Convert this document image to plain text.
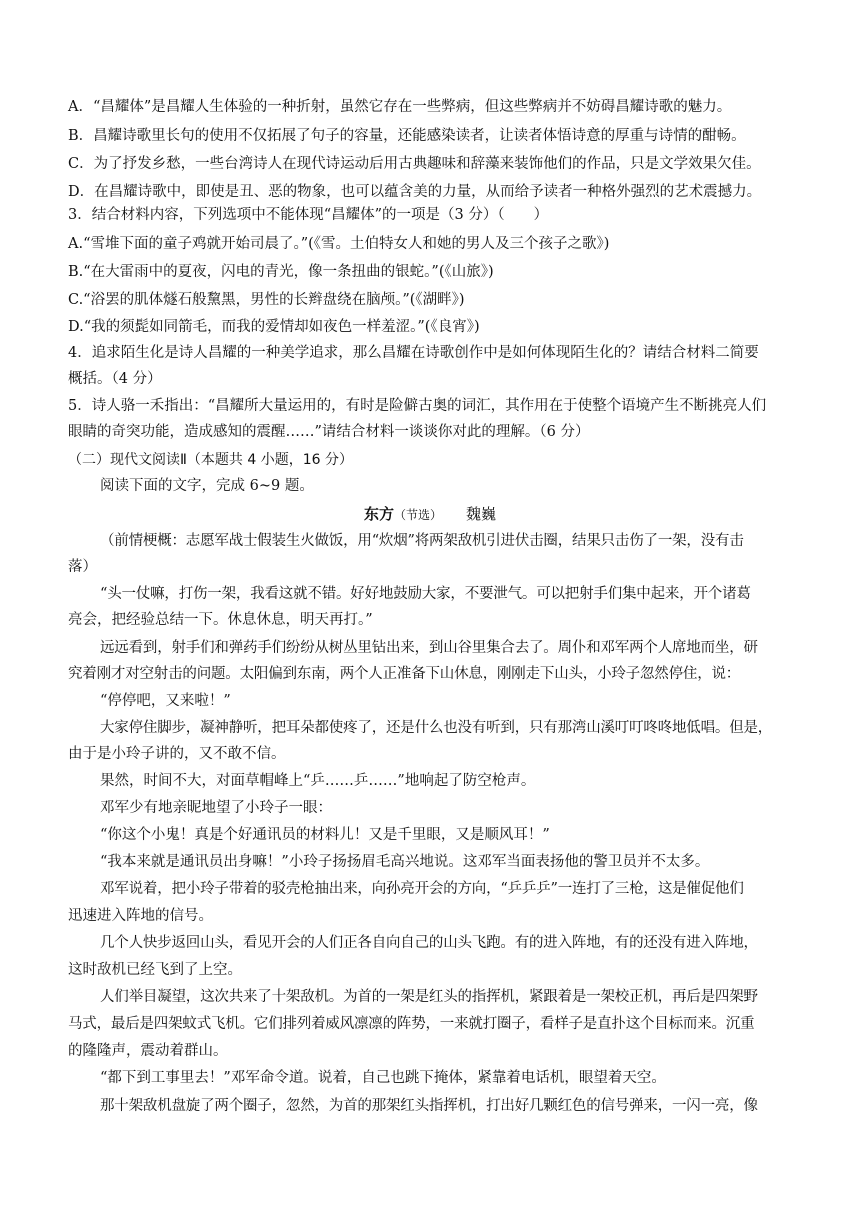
A．“昌耀体”是昌耀人生体验的一种折射，虽然它存在一些弊病，但这些弊病并不妨碍昌耀诗歌的魅力。
B．昌耀诗歌里长句的使用不仅拓展了句子的容量，还能感染读者，让读者体悟诗意的厚重与诗情的酣畅。
C．为了抒发乡愁，一些台湾诗人在现代诗运动后用古典趣味和辞藻来装饰他们的作品，只是文学效果欠佳。
D．在昌耀诗歌中，即使是丑、恶的物象，也可以蕴含美的力量，从而给予读者一种格外强烈的艺术震撼力。
3．结合材料内容，下列选项中不能体现“昌耀体”的一项是（3 分）（　　）
A.“雪堆下面的童子鸡就开始司晨了。”(《雪。土伯特女人和她的男人及三个孩子之歌》)
B.“在大雷雨中的夏夜，闪电的青光，像一条扭曲的银蛇。”(《山旅》)
C.“浴罢的肌体燧石般黧黑，男性的长辫盘绕在脑颅。”(《湖畔》)
D.“我的须髭如同箭毛，而我的爱情却如夜色一样羞涩。”(《良宵》)
4．追求陌生化是诗人昌耀的一种美学追求，那么昌耀在诗歌创作中是如何体现陌生化的？请结合材料二简要
概括。（4 分）
5．诗人骆一禾指出：“昌耀所大量运用的，有时是险僻古奥的词汇，其作用在于使整个语境产生不断挑亮人们
眼睛的奇突功能，造成感知的震醒……”请结合材料一谈谈你对此的理解。（6 分）
（二）现代文阅读Ⅱ（本题共 4 小题，16 分）
阅读下面的文字，完成 6~9 题。
东方（节选） 魏巍
（前情梗概：志愿军战士假装生火做饭，用“炊烟”将两架敌机引进伏击圈，结果只击伤了一架，没有击
落）
“头一仗嘛，打伤一架，我看这就不错。好好地鼓励大家，不要泄气。可以把射手们集中起来，开个诸葛
亮会，把经验总结一下。休息休息，明天再打。”
远远看到，射手们和弹药手们纷纷从树丛里钻出来，到山谷里集合去了。周仆和邓军两个人席地而坐，研
究着刚才对空射击的问题。太阳偏到东南，两个人正准备下山休息，刚刚走下山头，小玲子忽然停住，说：
“停停吧，又来啦！”
大家停住脚步，凝神静听，把耳朵都使疼了，还是什么也没有听到，只有那湾山溪叮叮咚咚地低唱。但是，
由于是小玲子讲的，又不敢不信。
果然，时间不大，对面草帽峰上“乒……乒……”地响起了防空枪声。
邓军少有地亲昵地望了小玲子一眼：
“你这个小鬼！真是个好通讯员的材料儿！又是千里眼，又是顺风耳！”
“我本来就是通讯员出身嘛！”小玲子扬扬眉毛高兴地说。这邓军当面表扬他的警卫员并不太多。
邓军说着，把小玲子带着的驳壳枪抽出来，向孙亮开会的方向，“乒乒乒”一连打了三枪，这是催促他们
迅速进入阵地的信号。
几个人快步返回山头，看见开会的人们正各自向自己的山头飞跑。有的进入阵地，有的还没有进入阵地，
这时敌机已经飞到了上空。
人们举目凝望，这次共来了十架敌机。为首的一架是红头的指挥机，紧跟着是一架校正机，再后是四架野
马式，最后是四架蚊式飞机。它们排列着威风凛凛的阵势，一来就打圈子，看样子是直扑这个目标而来。沉重
的隆隆声，震动着群山。
“都下到工事里去！”邓军命令道。说着，自己也跳下掩体，紧靠着电话机，眼望着天空。
那十架敌机盘旋了两个圈子，忽然，为首的那架红头指挥机，打出好几颗红色的信号弹来，一闪一亮，像
